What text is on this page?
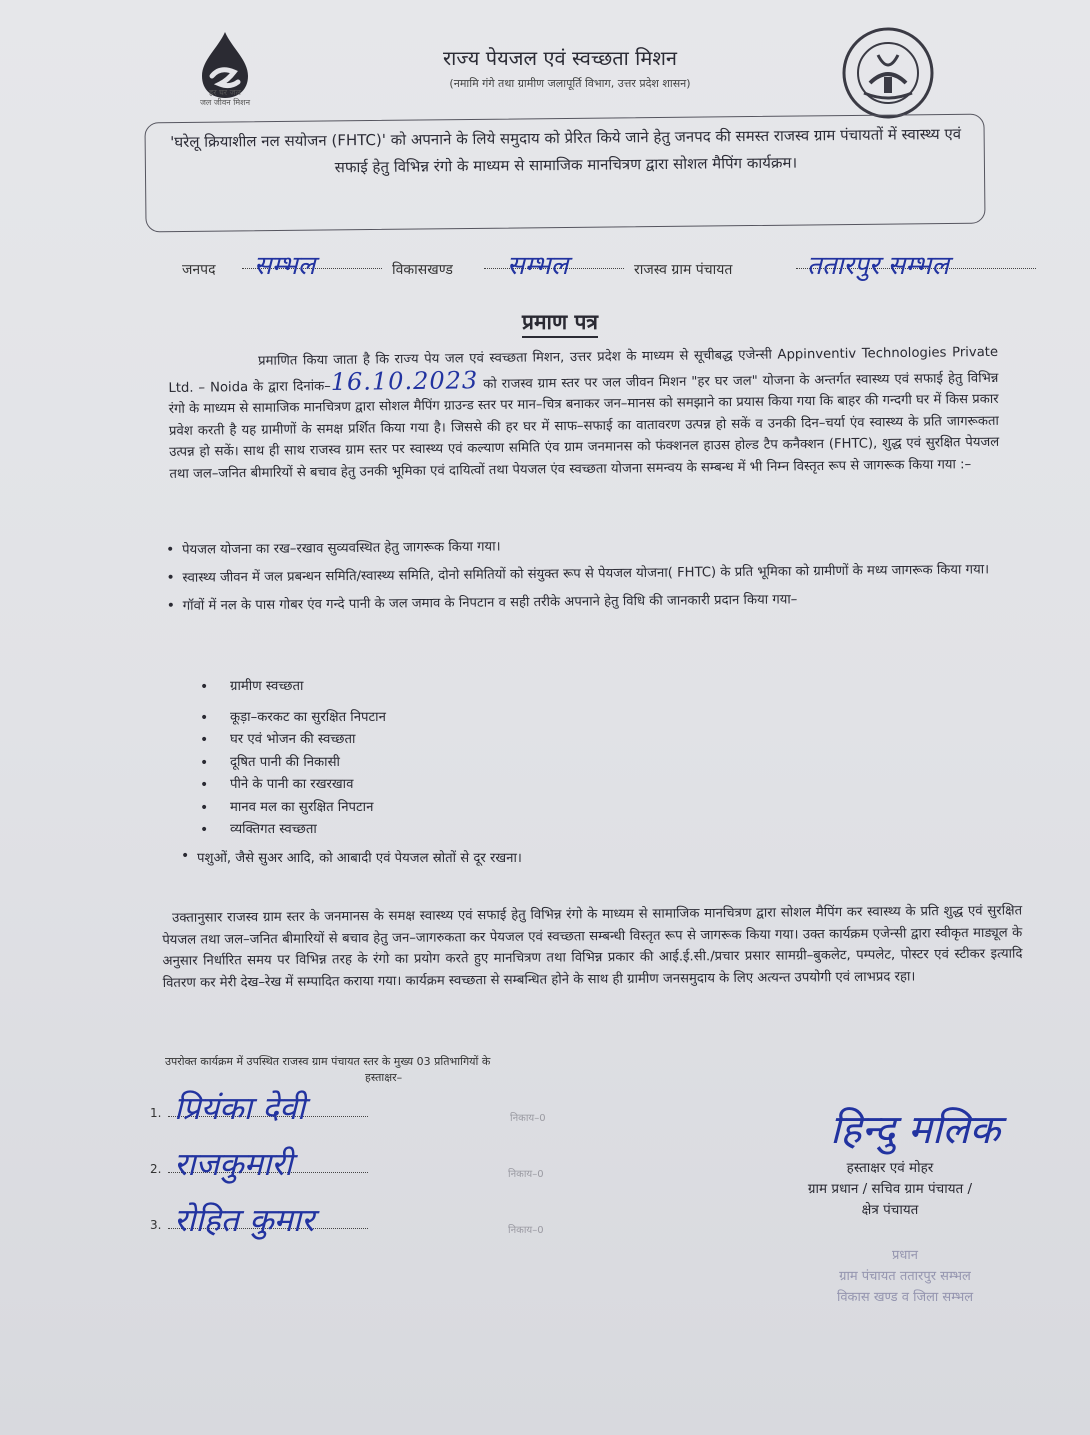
हर घर जल
जल जीवन मिशन
राज्य पेयजल एवं स्वच्छता मिशन
(नमामि गंगे तथा ग्रामीण जलापूर्ति विभाग, उत्तर प्रदेश शासन)
'घरेलू क्रियाशील नल सयोजन (FHTC)' को अपनाने के लिये समुदाय को प्रेरित किये जाने हेतु जनपद की समस्त राजस्व ग्राम पंचायतों में स्वास्थ्य एवं सफाई हेतु विभिन्न रंगो के माध्यम से सामाजिक मानचित्रण द्वारा सोशल मैपिंग कार्यक्रम।
जनपद सम्भल	विकासखण्ड सम्भल	राजस्व ग्राम पंचायत	ततारपुर सम्भल
प्रमाण पत्र
प्रमाणित किया जाता है कि राज्य पेय जल एवं स्वच्छता मिशन, उत्तर प्रदेश के माध्यम से सूचीबद्ध एजेन्सी Appinventiv Technologies Private Ltd. – Noida के द्वारा दिनांक–16.10.2023 को राजस्व ग्राम स्तर पर जल जीवन मिशन "हर घर जल" योजना के अन्तर्गत स्वास्थ्य एवं सफाई हेतु विभिन्न रंगो के माध्यम से सामाजिक मानचित्रण द्वारा सोशल मैपिंग ग्राउन्ड स्तर पर मान–चित्र बनाकर जन–मानस को समझाने का प्रयास किया गया कि बाहर की गन्दगी घर में किस प्रकार प्रवेश करती है यह ग्रामीणों के समक्ष प्रर्शित किया गया है। जिससे की हर घर में साफ–सफाई का वातावरण उत्पन्न हो सकें व उनकी दिन–चर्या एंव स्वास्थ्य के प्रति जागरूकता उत्पन्न हो सकें। साथ ही साथ राजस्व ग्राम स्तर पर स्वास्थ्य एवं कल्याण समिति एंव ग्राम जनमानस को फंक्शनल हाउस होल्ड टैप कनैक्शन (FHTC), शुद्ध एवं सुरक्षित पेयजल तथा जल–जनित बीमारियों से बचाव हेतु उनकी भूमिका एवं दायित्वों तथा पेयजल एंव स्वच्छता योजना समन्वय के सम्बन्ध में भी निम्न विस्तृत रूप से जागरूक किया गया :–
• पेयजल योजना का रख–रखाव सुव्यवस्थित हेतु जागरूक किया गया।
• स्वास्थ्य जीवन में जल प्रबन्धन समिति/स्वास्थ्य समिति, दोनो समितियों को संयुक्त रूप से पेयजल योजना( FHTC) के प्रति भूमिका को ग्रामीणों के मध्य जागरूक किया गया।
• गॉवों में नल के पास गोबर एंव गन्दे पानी के जल जमाव के निपटान व सही तरीके अपनाने हेतु विधि की जानकारी प्रदान किया गया–
• ग्रामीण स्वच्छता
• कूड़ा–करकट का सुरक्षित निपटान
• घर एवं भोजन की स्वच्छता
• दूषित पानी की निकासी
• पीने के पानी का रखरखाव
• मानव मल का सुरक्षित निपटान
• व्यक्तिगत स्वच्छता
• पशुओं, जैसे सुअर आदि, को आबादी एवं पेयजल स्रोतों से दूर रखना।
उक्तानुसार राजस्व ग्राम स्तर के जनमानस के समक्ष स्वास्थ्य एवं सफाई हेतु विभिन्न रंगो के माध्यम से सामाजिक मानचित्रण द्वारा सोशल मैपिंग कर स्वास्थ्य के प्रति शुद्ध एवं सुरक्षित पेयजल तथा जल–जनित बीमारियों से बचाव हेतु जन–जागरुकता कर पेयजल एवं स्वच्छता सम्बन्धी विस्तृत रूप से जागरूक किया गया। उक्त कार्यक्रम एजेन्सी द्वारा स्वीकृत माड्यूल के अनुसार निर्धारित समय पर विभिन्न तरह के रंगो का प्रयोग करते हुए मानचित्रण तथा विभिन्न प्रकार की आई.ई.सी./प्रचार प्रसार सामग्री–बुकलेट, पम्पलेट, पोस्टर एवं स्टीकर इत्यादि वितरण कर मेरी देख–रेख में सम्पादित कराया गया। कार्यक्रम स्वच्छता से सम्बन्धित होने के साथ ही ग्रामीण जनसमुदाय के लिए अत्यन्त उपयोगी एवं लाभप्रद रहा।
उपरोक्त कार्यक्रम में उपस्थित राजस्व ग्राम पंचायत स्तर के मुख्य 03 प्रतिभागियों के
हस्ताक्षर–
1. प्रियंका देवी	निकाय–0
2. राजकुमारी	निकाय–0
3. रोहित कुमार	निकाय–0
हिन्दु मलिक
हस्ताक्षर एवं मोहर
ग्राम प्रधान / सचिव ग्राम पंचायत /
क्षेत्र पंचायत
प्रधान
ग्राम पंचायत ततारपुर सम्भल
विकास खण्ड व जिला सम्भल
